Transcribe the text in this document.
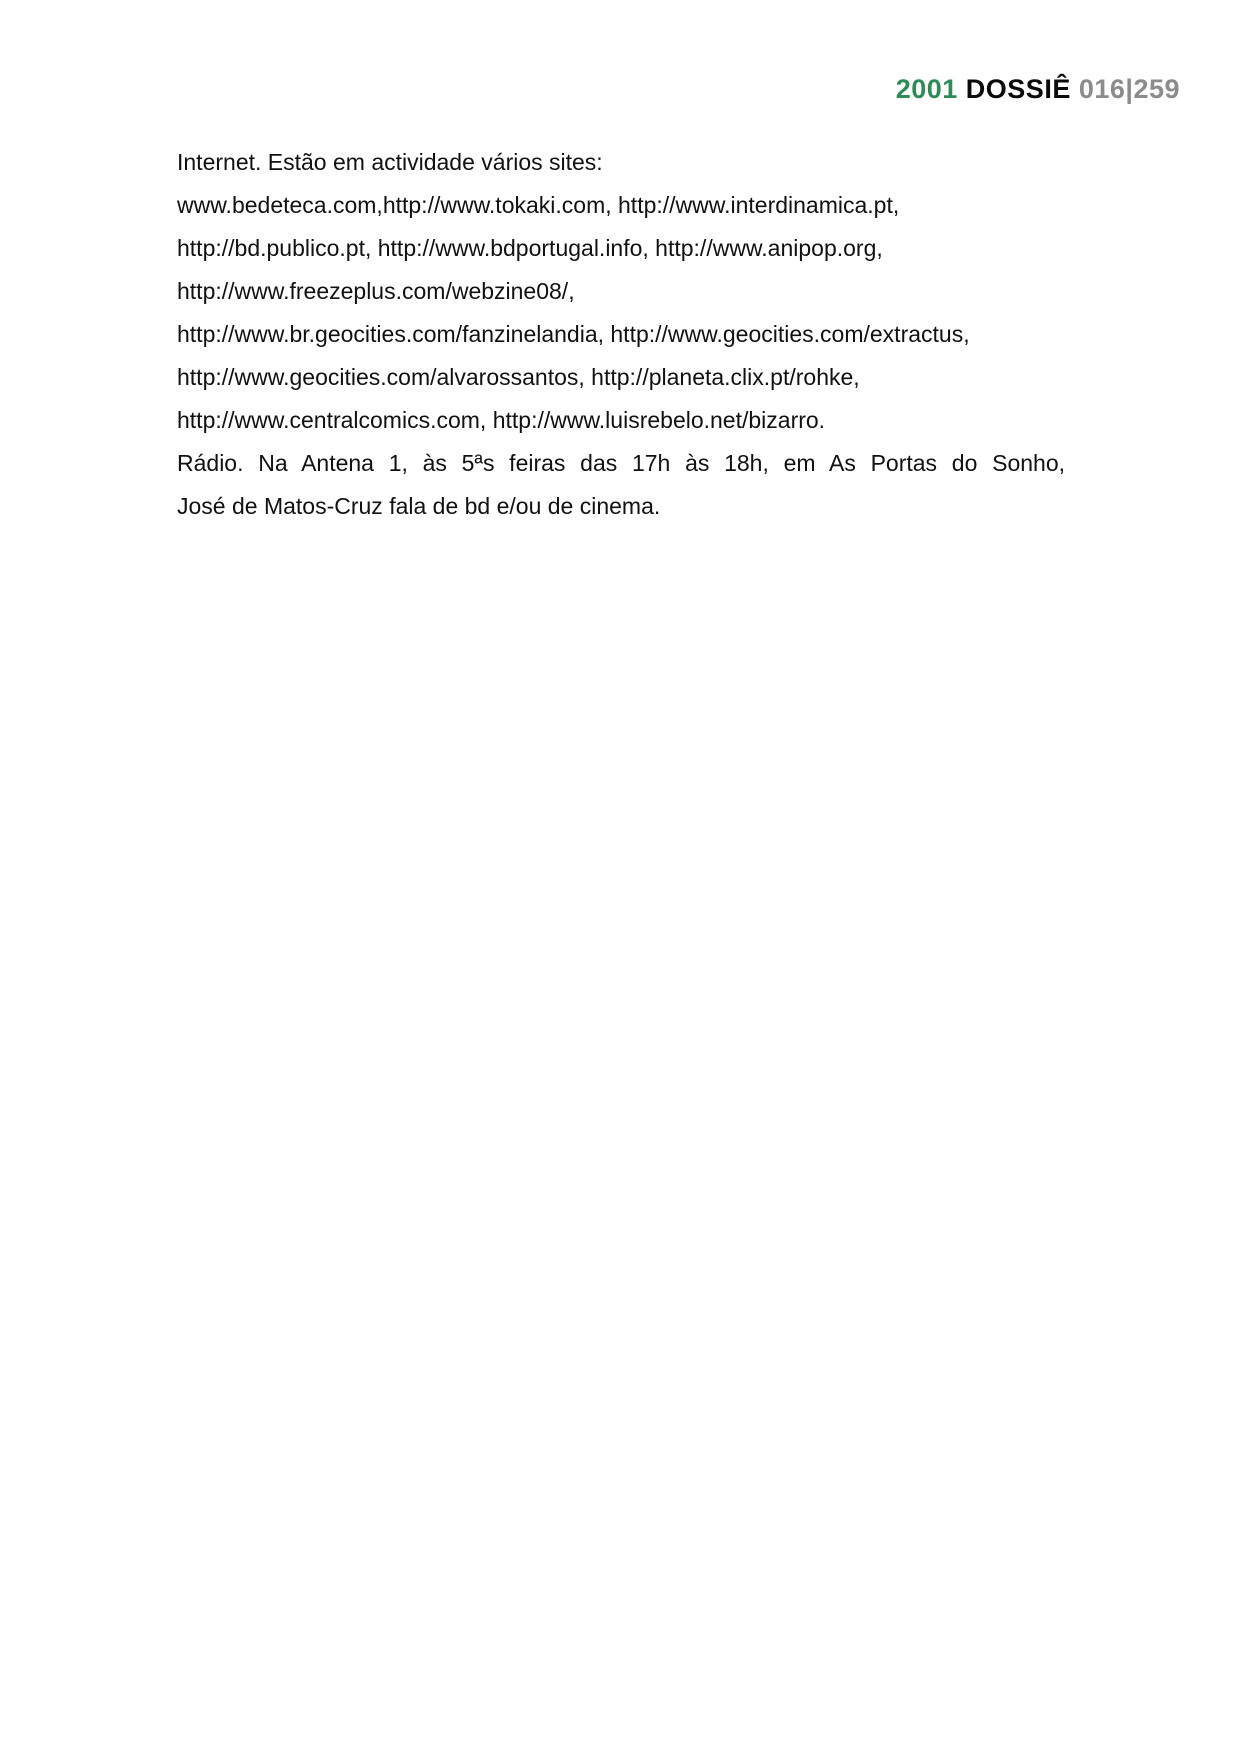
2001 DOSSIÊ 016|259

Internet. Estão em actividade vários sites:

www.bedeteca.com,http://www.tokaki.com, http://www.interdinamica.pt,

http://bd.publico.pt, http://www.bdportugal.info, http://www.anipop.org,

http://www.freezeplus.com/webzine08/,

http://www.br.geocities.com/fanzinelandia, http://www.geocities.com/extractus,

http://www.geocities.com/alvarossantos, http://planeta.clix.pt/rohke,

http://www.centralcomics.com, http://www.luisrebelo.net/bizarro.

Rádio. Na Antena 1, às 5ªs feiras das 17h às 18h, em As Portas do Sonho,

José de Matos-Cruz fala de bd e/ou de cinema.
